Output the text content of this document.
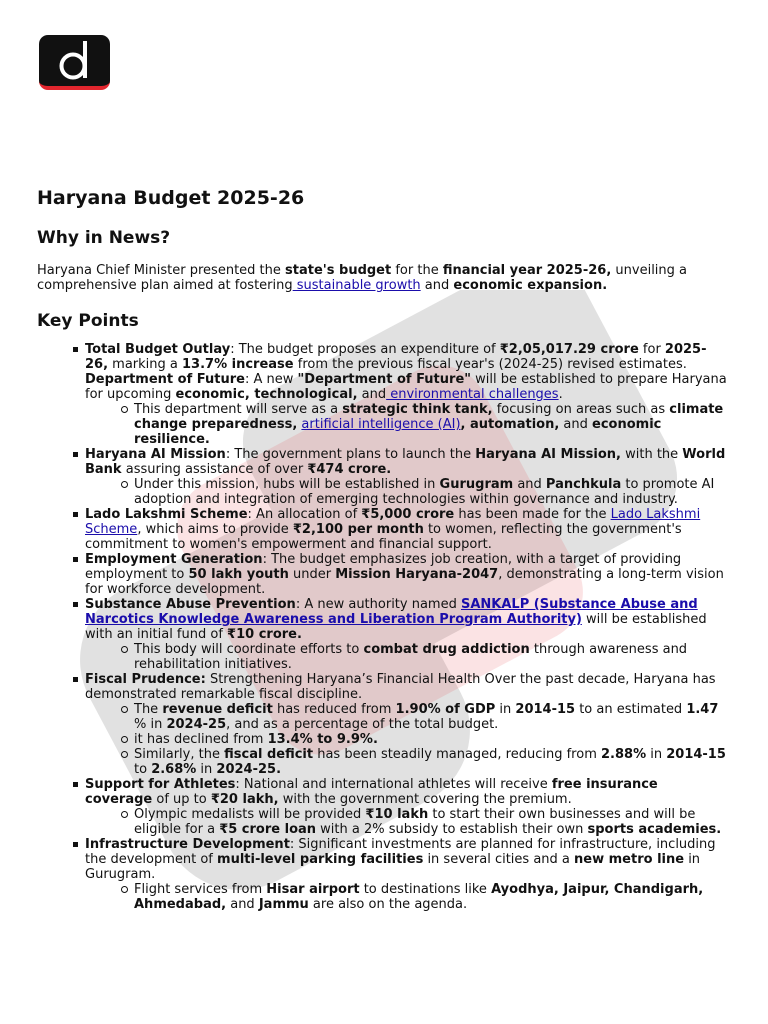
Haryana Budget 2025-26
Why in News?

Haryana Chief Minister presented the state's budget for the financial year 2025-26, unveiling a comprehensive plan aimed at fostering sustainable growth and economic expansion.

Key Points
Total Budget Outlay: The budget proposes an expenditure of ₹2,05,017.29 crore for 2025-26, marking a 13.7% increase from the previous fiscal year's (2024-25) revised estimates.
Department of Future: A new "Department of Future" will be established to prepare Haryana for upcoming economic, technological, and environmental challenges.
This department will serve as a strategic think tank, focusing on areas such as climate change preparedness, artificial intelligence (AI), automation, and economic resilience.
Haryana AI Mission: The government plans to launch the Haryana AI Mission, with the World Bank assuring assistance of over ₹474 crore.
Under this mission, hubs will be established in Gurugram and Panchkula to promote AI adoption and integration of emerging technologies within governance and industry.
Lado Lakshmi Scheme: An allocation of ₹5,000 crore has been made for the Lado Lakshmi Scheme, which aims to provide ₹2,100 per month to women, reflecting the government's commitment to women's empowerment and financial support.
Employment Generation: The budget emphasizes job creation, with a target of providing employment to 50 lakh youth under Mission Haryana-2047, demonstrating a long-term vision for workforce development.
Substance Abuse Prevention: A new authority named SANKALP (Substance Abuse and Narcotics Knowledge Awareness and Liberation Program Authority) will be established with an initial fund of ₹10 crore.
This body will coordinate efforts to combat drug addiction through awareness and rehabilitation initiatives.
Fiscal Prudence: Strengthening Haryana’s Financial Health Over the past decade, Haryana has demonstrated remarkable fiscal discipline.
The revenue deficit has reduced from 1.90% of GDP in 2014-15 to an estimated 1.47 % in 2024-25, and as a percentage of the total budget.
it has declined from 13.4% to 9.9%.
Similarly, the fiscal deficit has been steadily managed, reducing from 2.88% in 2014-15 to 2.68% in 2024-25.
Support for Athletes: National and international athletes will receive free insurance coverage of up to ₹20 lakh, with the government covering the premium.
Olympic medalists will be provided ₹10 lakh to start their own businesses and will be eligible for a ₹5 crore loan with a 2% subsidy to establish their own sports academies.
Infrastructure Development: Significant investments are planned for infrastructure, including the development of multi-level parking facilities in several cities and a new metro line in Gurugram.
Flight services from Hisar airport to destinations like Ayodhya, Jaipur, Chandigarh, Ahmedabad, and Jammu are also on the agenda.
